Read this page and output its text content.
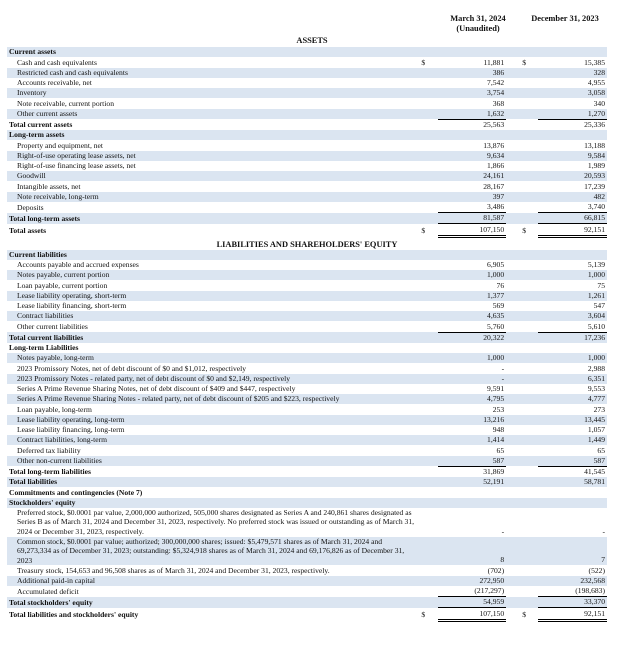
March 31, 2024
(Unaudited)
December 31, 2023
ASSETS
Current assets					
Cash and cash equivalents	$	11,881		$	15,385
Restricted cash and cash equivalents		386			328
Accounts receivable, net		7,542			4,955
Inventory		3,754			3,058
Note receivable, current portion		368			340
Other current assets		1,632			1,270
Total current assets		25,563			25,336
Long-term assets					
Property and equipment, net		13,876			13,188
Right-of-use operating lease assets, net		9,634			9,584
Right-of-use financing lease assets, net		1,866			1,989
Goodwill		24,161			20,593
Intangible assets, net		28,167			17,239
Note receivable, long-term		397			482
Deposits		3,486			3,740
Total long-term assets		81,587			66,815
Total assets	$	107,150		$	92,151
LIABILITIES AND SHAREHOLDERS' EQUITY					
Current liabilities					
Accounts payable and accrued expenses		6,905			5,139
Notes payable, current portion		1,000			1,000
Loan payable, current portion		76			75
Lease liability operating, short-term		1,377			1,261
Lease liability financing, short-term		569			547
Contract liabilities		4,635			3,604
Other current liabilities		5,760			5,610
Total current liabilities		20,322			17,236
Long-term Liabilities					
Notes payable, long-term		1,000			1,000
2023 Promissory Notes, net of debt discount of $0 and $1,012, respectively		-			2,988
2023 Promissory Notes - related party, net of debt discount of $0 and $2,149, respectively		-			6,351
Series A Prime Revenue Sharing Notes, net of debt discount of $409 and $447, respectively		9,591			9,553
Series A Prime Revenue Sharing Notes - related party, net of debt discount of $205 and $223, respectively		4,795			4,777
Loan payable, long-term		253			273
Lease liability operating, long-term		13,216			13,445
Lease liability financing, long-term		948			1,057
Contract liabilities, long-term		1,414			1,449
Deferred tax liability		65			65
Other non-current liabilities		587			587
Total long-term liabilities		31,869			41,545
Total liabilities		52,191			58,781
Commitments and contingencies (Note 7)					
Stockholders' equity					
Preferred stock, $0.0001 par value, 2,000,000 authorized, 505,000 shares designated as Series A and 240,861 shares designated as Series B as of March 31, 2024 and December 31, 2023, respectively. No preferred stock was issued or outstanding as of March 31, 2024 or December 31, 2023, respectively.		-			-
Common stock, $0.0001 par value; authorized; 300,000,000 shares; issued: $5,479,571 shares as of March 31, 2024 and 69,273,334 as of December 31, 2023; outstanding: $5,324,918 shares as of March 31, 2024 and 69,176,826 as of December 31, 2023		8			7
Treasury stock, 154,653 and 96,508 shares as of March 31, 2024 and December 31, 2023, respectively.		(702)			(522)
Additional paid-in capital		272,950			232,568
Accumulated deficit		(217,297)			(198,683)
Total stockholders' equity		54,959			33,370
Total liabilities and stockholders' equity	$	107,150		$	92,151
